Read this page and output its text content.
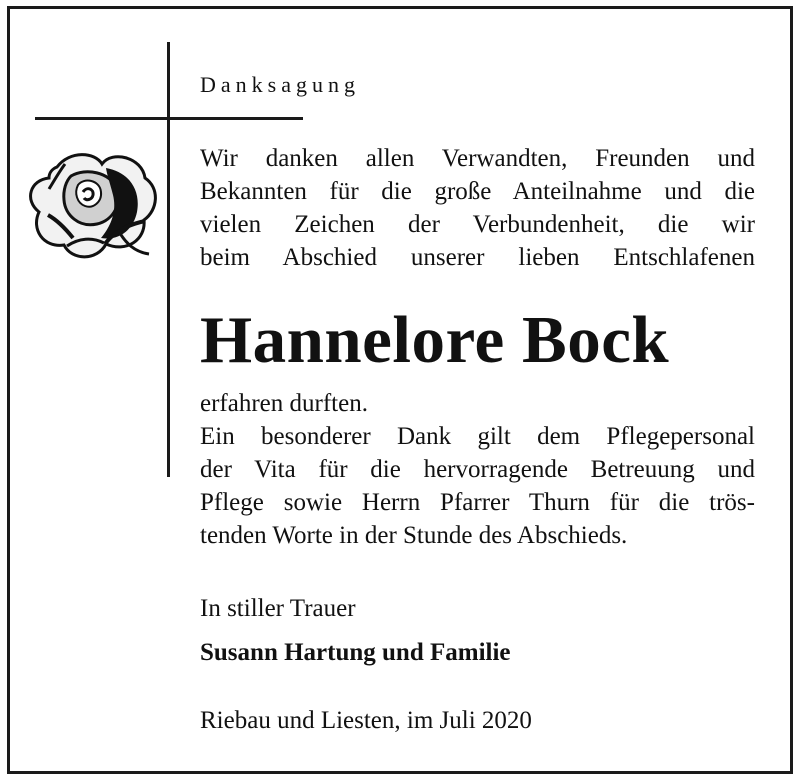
Danksagung
Wir danken allen Verwandten, Freunden und
Bekannten für die große Anteilnahme und die
vielen Zeichen der Verbundenheit, die wir
beim Abschied unserer lieben Entschlafenen
Hannelore Bock
erfahren durften.
Ein besonderer Dank gilt dem Pflegepersonal
der Vita für die hervorragende Betreuung und
Pflege sowie Herrn Pfarrer Thurn für die trös-
tenden Worte in der Stunde des Abschieds.
In stiller Trauer
Susann Hartung und Familie
Riebau und Liesten, im Juli 2020
